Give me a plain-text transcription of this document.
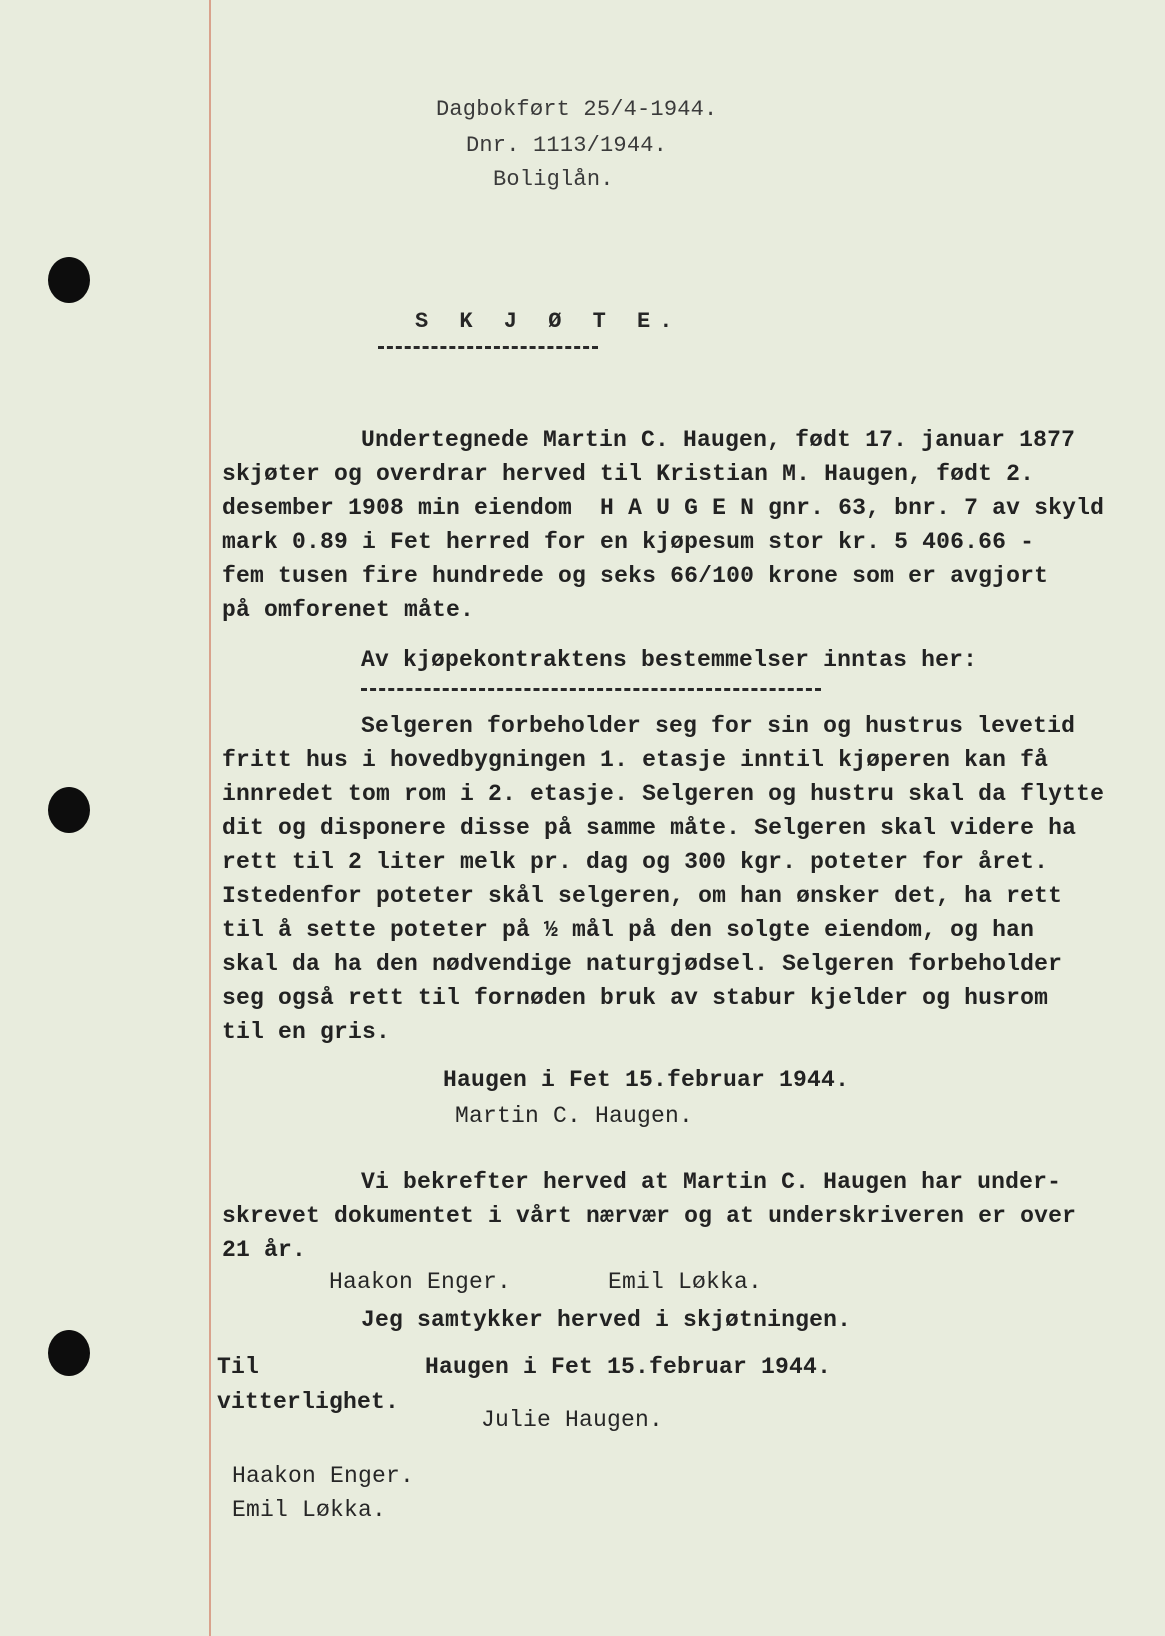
Dagbokført 25/4-1944.
Dnr. 1113/1944.
Boliglån.
S K J Ø T E.
Undertegnede Martin C. Haugen, født 17. januar 1877
skjøter og overdrar herved til Kristian M. Haugen, født 2.
desember 1908 min eiendom  H A U G E N gnr. 63, bnr. 7 av skyld
mark 0.89 i Fet herred for en kjøpesum stor kr. 5 406.66 -
fem tusen fire hundrede og seks 66/100 krone som er avgjort
på omforenet måte.
Av kjøpekontraktens bestemmelser inntas her:
Selgeren forbeholder seg for sin og hustrus levetid
fritt hus i hovedbygningen 1. etasje inntil kjøperen kan få
innredet tom rom i 2. etasje. Selgeren og hustru skal da flytte
dit og disponere disse på samme måte. Selgeren skal videre ha
rett til 2 liter melk pr. dag og 300 kgr. poteter for året.
Istedenfor poteter skål selgeren, om han ønsker det, ha rett
til å sette poteter på ½ mål på den solgte eiendom, og han
skal da ha den nødvendige naturgjødsel. Selgeren forbeholder
seg også rett til fornøden bruk av stabur kjelder og husrom
til en gris.
Haugen i Fet 15.februar 1944.
Martin C. Haugen.
Vi bekrefter herved at Martin C. Haugen har under-
skrevet dokumentet i vårt nærvær og at underskriveren er over
21 år.
Haakon Enger.	Emil Løkka.
Jeg samtykker herved i skjøtningen.
Til	Haugen i Fet 15.februar 1944.
vitterlighet.
Julie Haugen.
Haakon Enger.
Emil Løkka.
